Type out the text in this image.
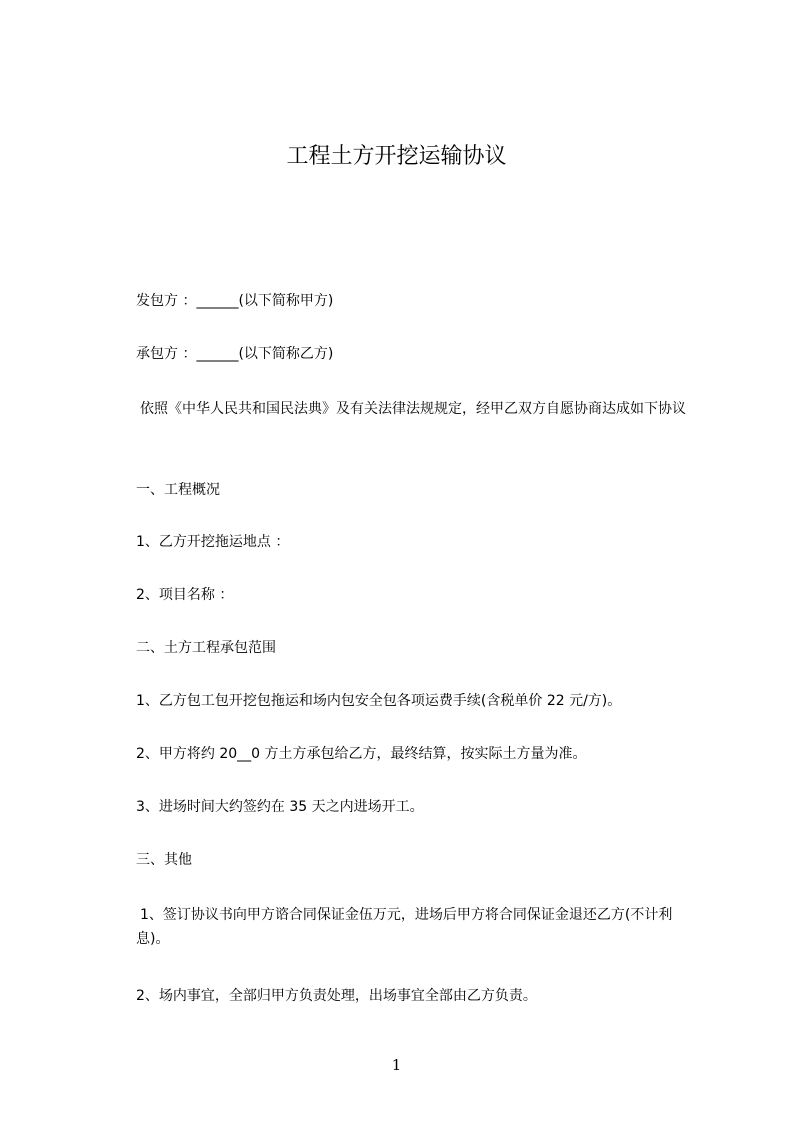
工程土方开挖运输协议
发包方 ：______(以下简称甲方)
承包方 ：______(以下简称乙方)
依照《中华人民共和国民法典》及有关法律法规规定，经甲乙双方自愿协商达成如下协议
一、工程概况
1、乙方开挖拖运地点 ：
2、项目名称 ：
二、土方工程承包范围
1、乙方包工包开挖包拖运和场内包安全包各项运费手续(含税单价 22 元/方)。
2、甲方将约 20__0 方土方承包给乙方，最终结算，按实际土方量为准。
3、进场时间大约签约在 35 天之内进场开工。
三、其他
1、签订协议书向甲方谘合同保证金伍万元，进场后甲方将合同保证金退还乙方(不计利息)。
2、场内事宜，全部归甲方负责处理，出场事宜全部由乙方负责。
1
